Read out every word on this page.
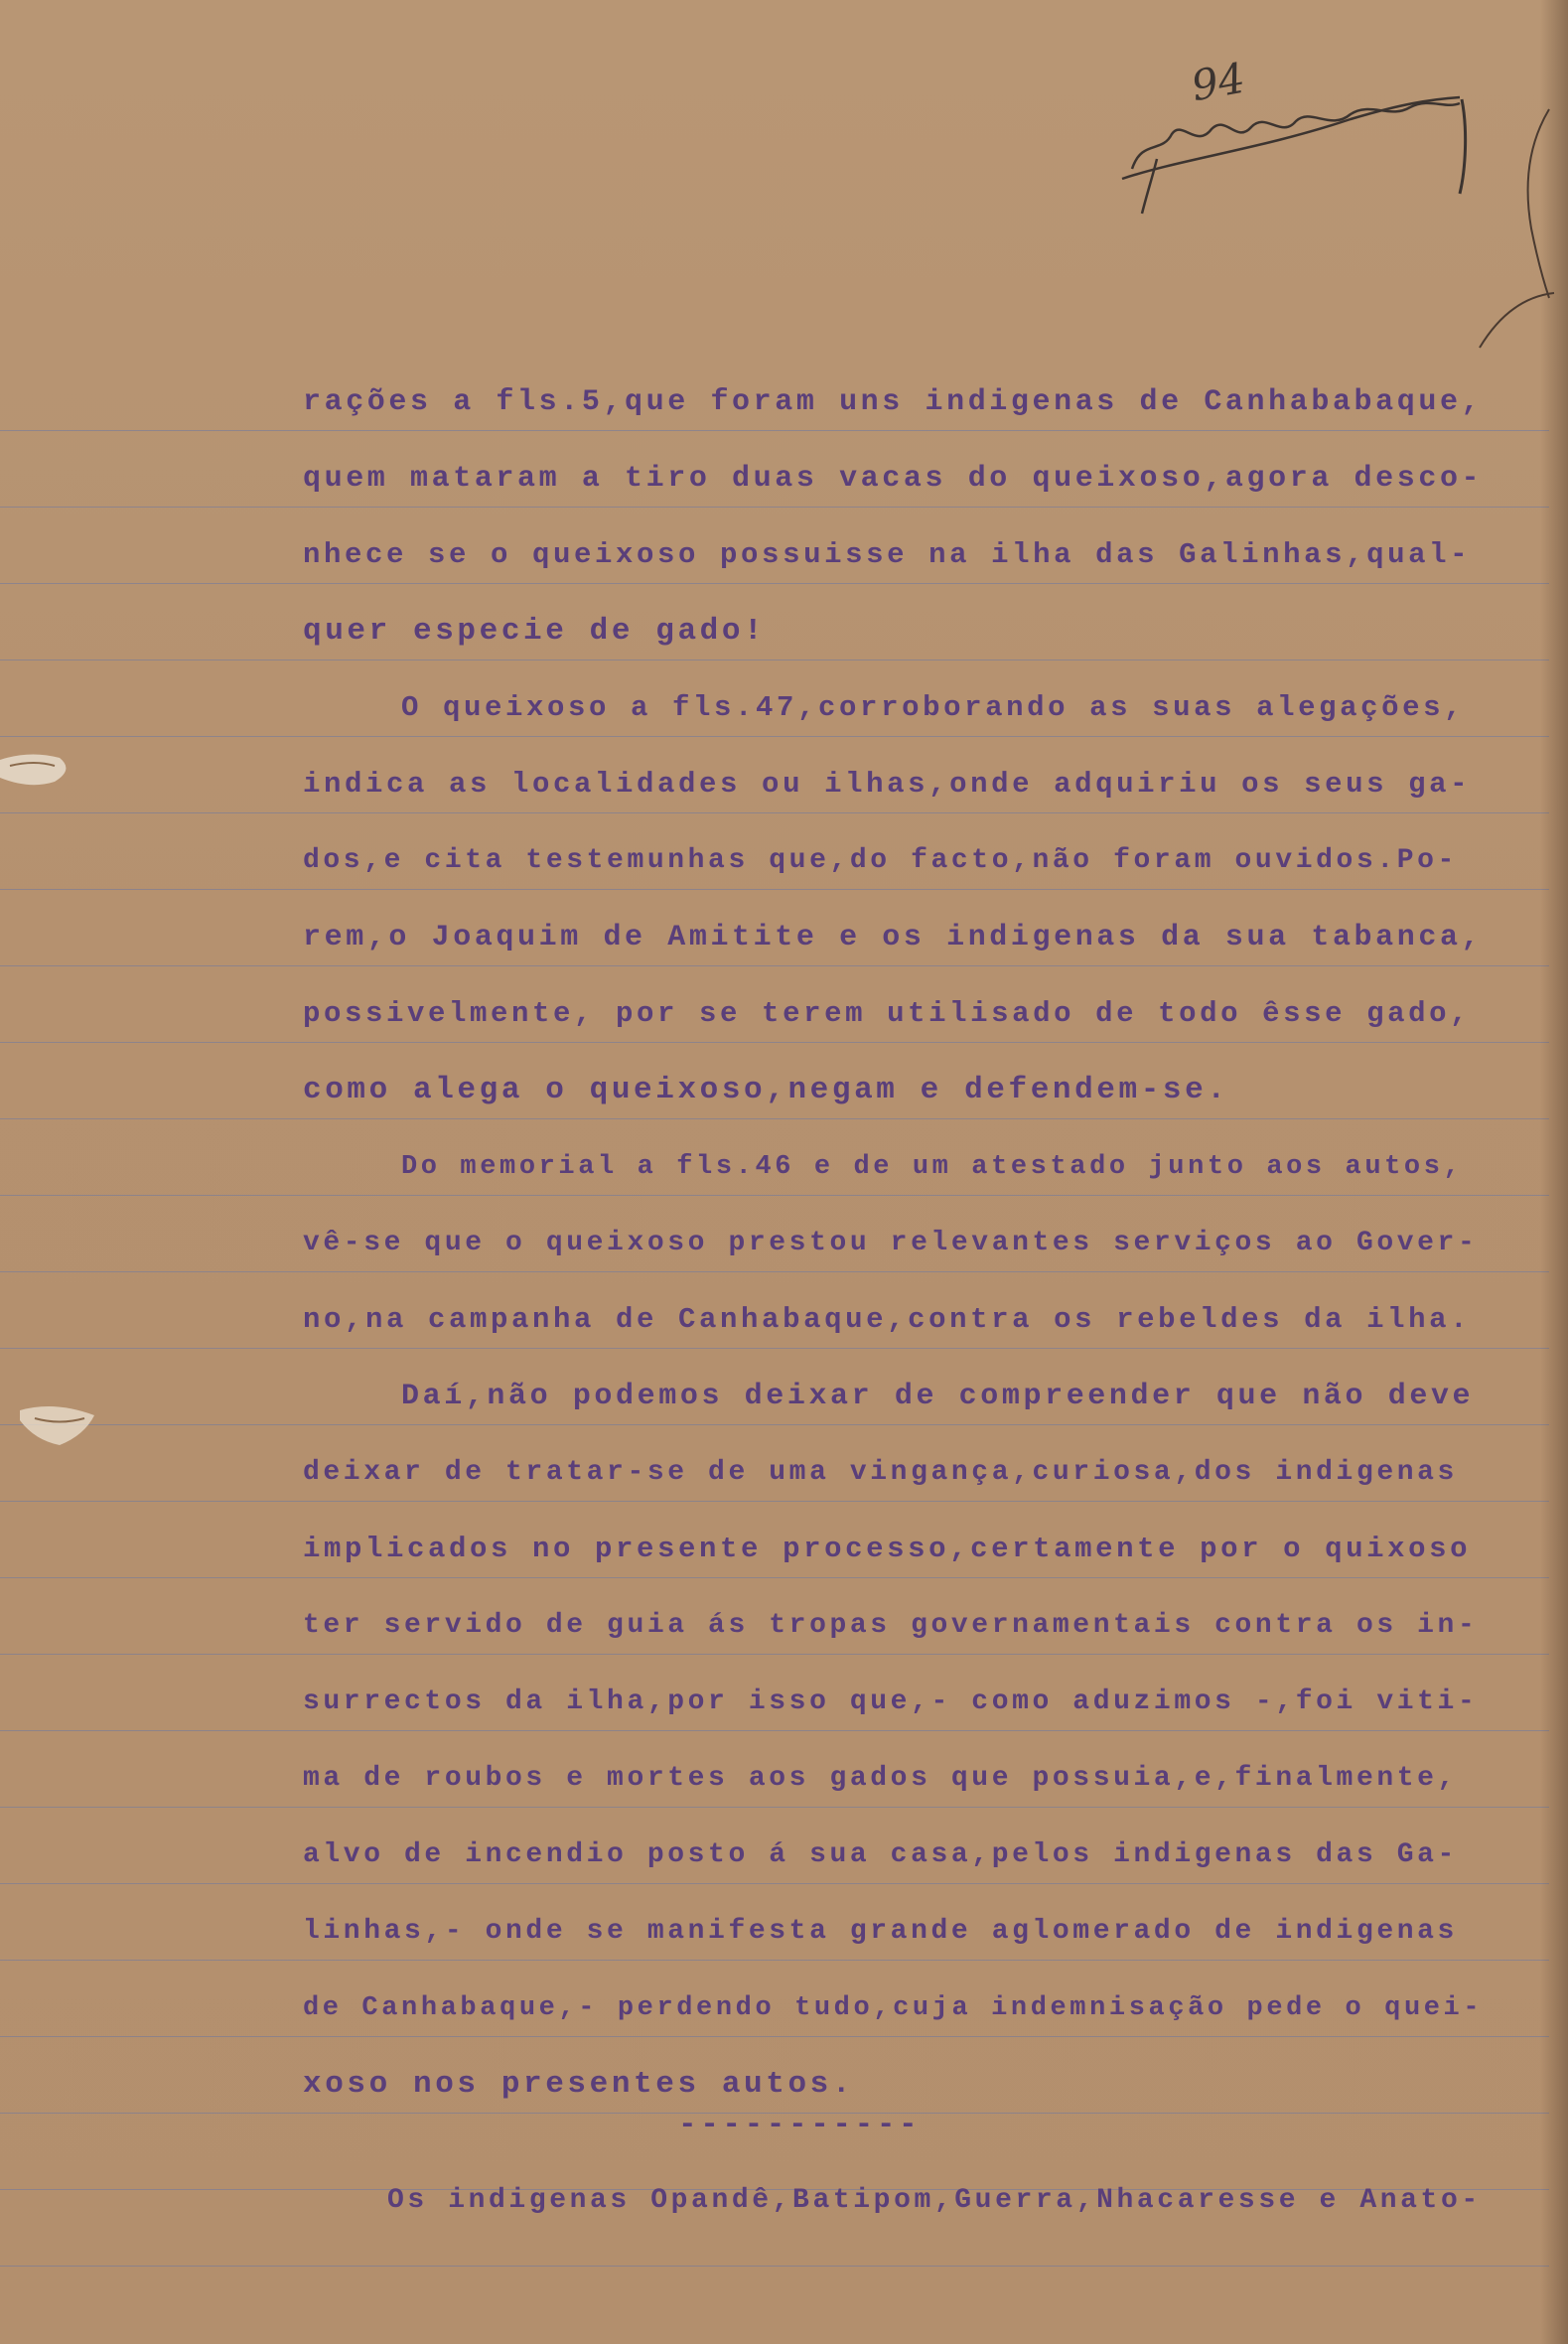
94
rações a fls.5,que foram uns indigenas de Canhababaque,
quem mataram a tiro duas vacas do queixoso,agora desco-
nhece se o queixoso possuisse na ilha das Galinhas,qual-
quer especie de gado!
O queixoso a fls.47,corroborando as suas alegações,
indica as localidades ou ilhas,onde adquiriu os seus ga-
dos,e cita testemunhas que,do facto,não foram ouvidos.Po-
rem,o Joaquim de Amitite e os indigenas da sua tabanca,
possivelmente, por se terem utilisado de todo êsse gado,
como alega o queixoso,negam e defendem-se.
Do memorial a fls.46 e de um atestado junto aos autos,
vê-se que o queixoso prestou relevantes serviços ao Gover-
no,na campanha de Canhabaque,contra os rebeldes da ilha.
Daí,não podemos deixar de compreender que não deve
deixar de tratar-se de uma vingança,curiosa,dos indigenas
implicados no presente processo,certamente por o quixoso
ter servido de guia ás tropas governamentais contra os in-
surrectos da ilha,por isso que,- como aduzimos -,foi viti-
ma de roubos e mortes aos gados que possuia,e,finalmente,
alvo de incendio posto á sua casa,pelos indigenas das Ga-
linhas,- onde se manifesta grande aglomerado de indigenas
de Canhabaque,- perdendo tudo,cuja indemnisação pede o quei-
xoso nos presentes autos.
-----------
Os indigenas Opandê,Batipom,Guerra,Nhacaresse e Anato-
